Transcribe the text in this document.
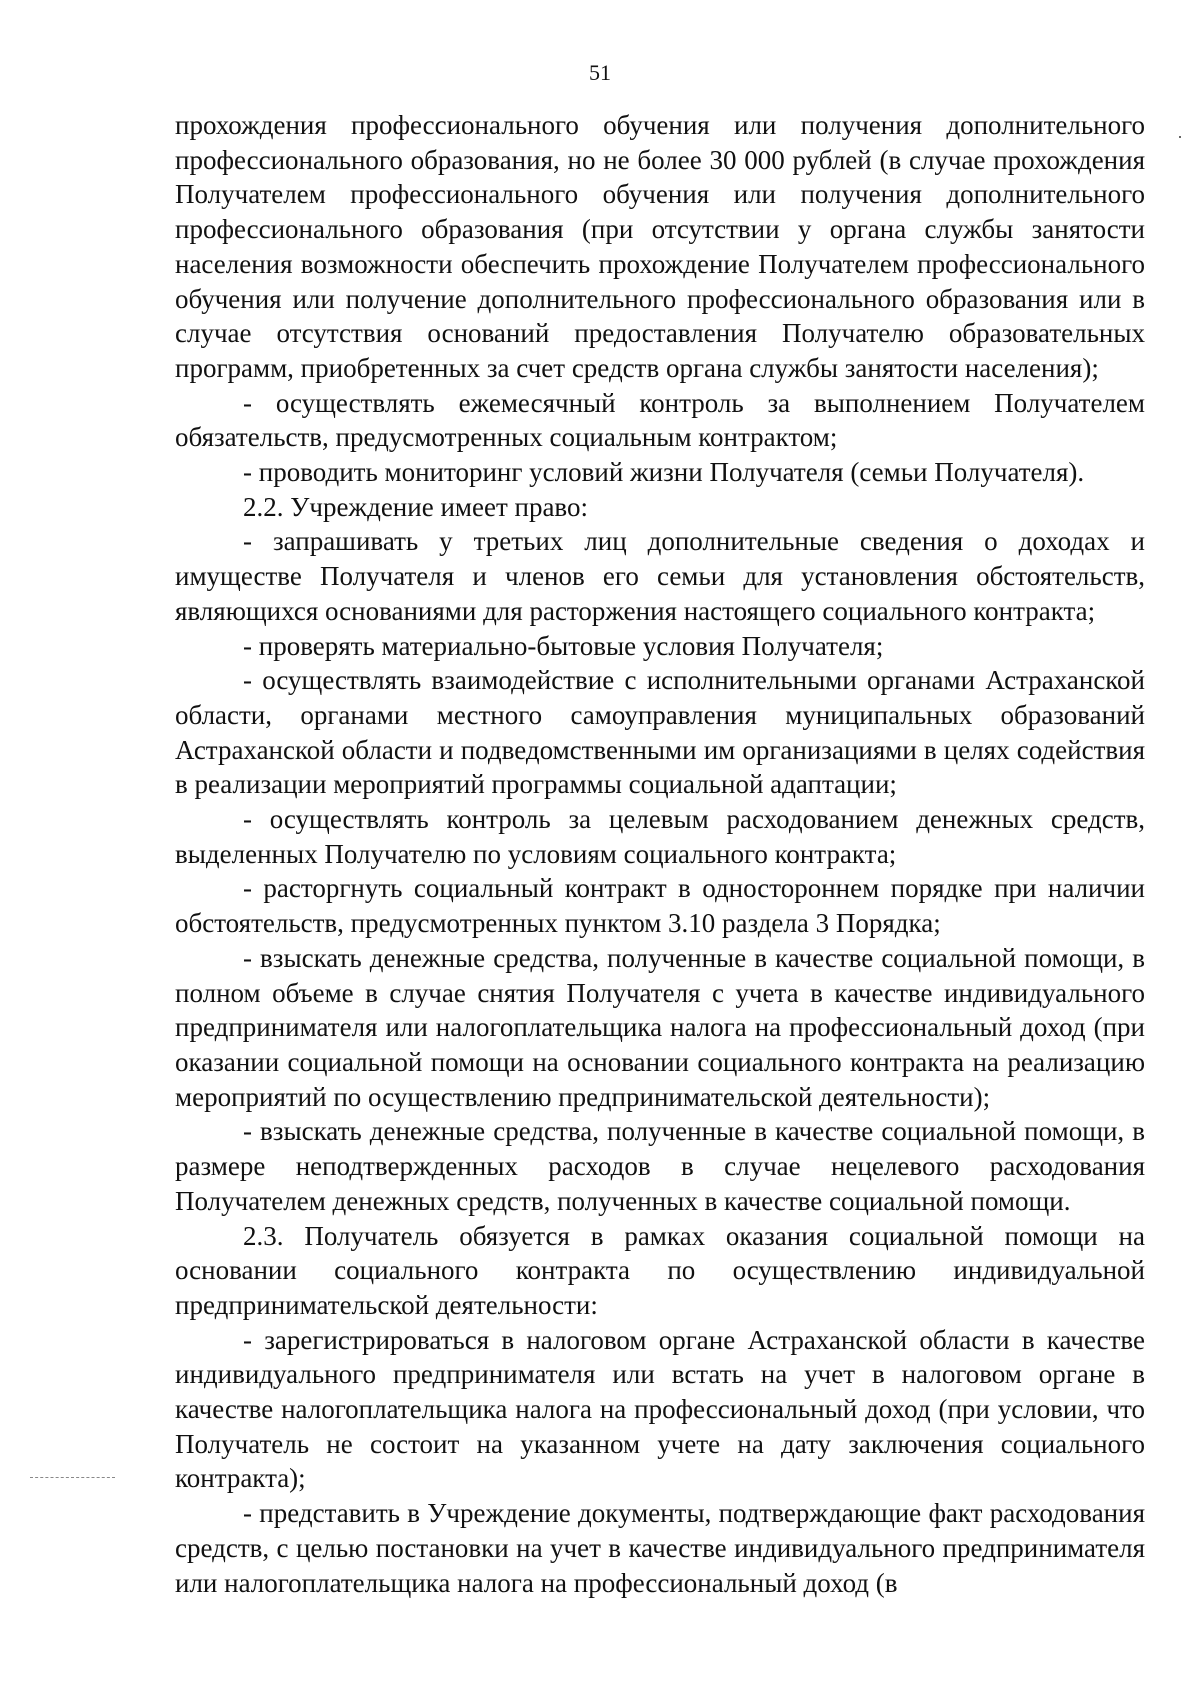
51

прохождения профессионального обучения или получения дополнительного профессионального образования, но не более 30 000 рублей (в случае прохождения Получателем профессионального обучения или получения дополнительного профессионального образования (при отсутствии у органа службы занятости населения возможности обеспечить прохождение Получателем профессионального обучения или получение дополнительного профессионального образования или в случае отсутствия оснований предоставления Получателю образовательных программ, приобретенных за счет средств органа службы занятости населения);

- осуществлять ежемесячный контроль за выполнением Получателем обязательств, предусмотренных социальным контрактом;

- проводить мониторинг условий жизни Получателя (семьи Получателя).

2.2. Учреждение имеет право:

- запрашивать у третьих лиц дополнительные сведения о доходах и имуществе Получателя и членов его семьи для установления обстоятельств, являющихся основаниями для расторжения настоящего социального контракта;

- проверять материально-бытовые условия Получателя;

- осуществлять взаимодействие с исполнительными органами Астраханской области, органами местного самоуправления муниципальных образований Астраханской области и подведомственными им организациями в целях содействия в реализации мероприятий программы социальной адаптации;

- осуществлять контроль за целевым расходованием денежных средств, выделенных Получателю по условиям социального контракта;

- расторгнуть социальный контракт в одностороннем порядке при наличии обстоятельств, предусмотренных пунктом 3.10 раздела 3 Порядка;

- взыскать денежные средства, полученные в качестве социальной помощи, в полном объеме в случае снятия Получателя с учета в качестве индивидуального предпринимателя или налогоплательщика налога на профессиональный доход (при оказании социальной помощи на основании социального контракта на реализацию мероприятий по осуществлению предпринимательской деятельности);

- взыскать денежные средства, полученные в качестве социальной помощи, в размере неподтвержденных расходов в случае нецелевого расходования Получателем денежных средств, полученных в качестве социальной помощи.

2.3. Получатель обязуется в рамках оказания социальной помощи на основании социального контракта по осуществлению индивидуальной предпринимательской деятельности:

- зарегистрироваться в налоговом органе Астраханской области в качестве индивидуального предпринимателя или встать на учет в налоговом органе в качестве налогоплательщика налога на профессиональный доход (при условии, что Получатель не состоит на указанном учете на дату заключения социального контракта);

- представить в Учреждение документы, подтверждающие факт расходования средств, с целью постановки на учет в качестве индивидуального предпринимателя или налогоплательщика налога на профессиональный доход (в
